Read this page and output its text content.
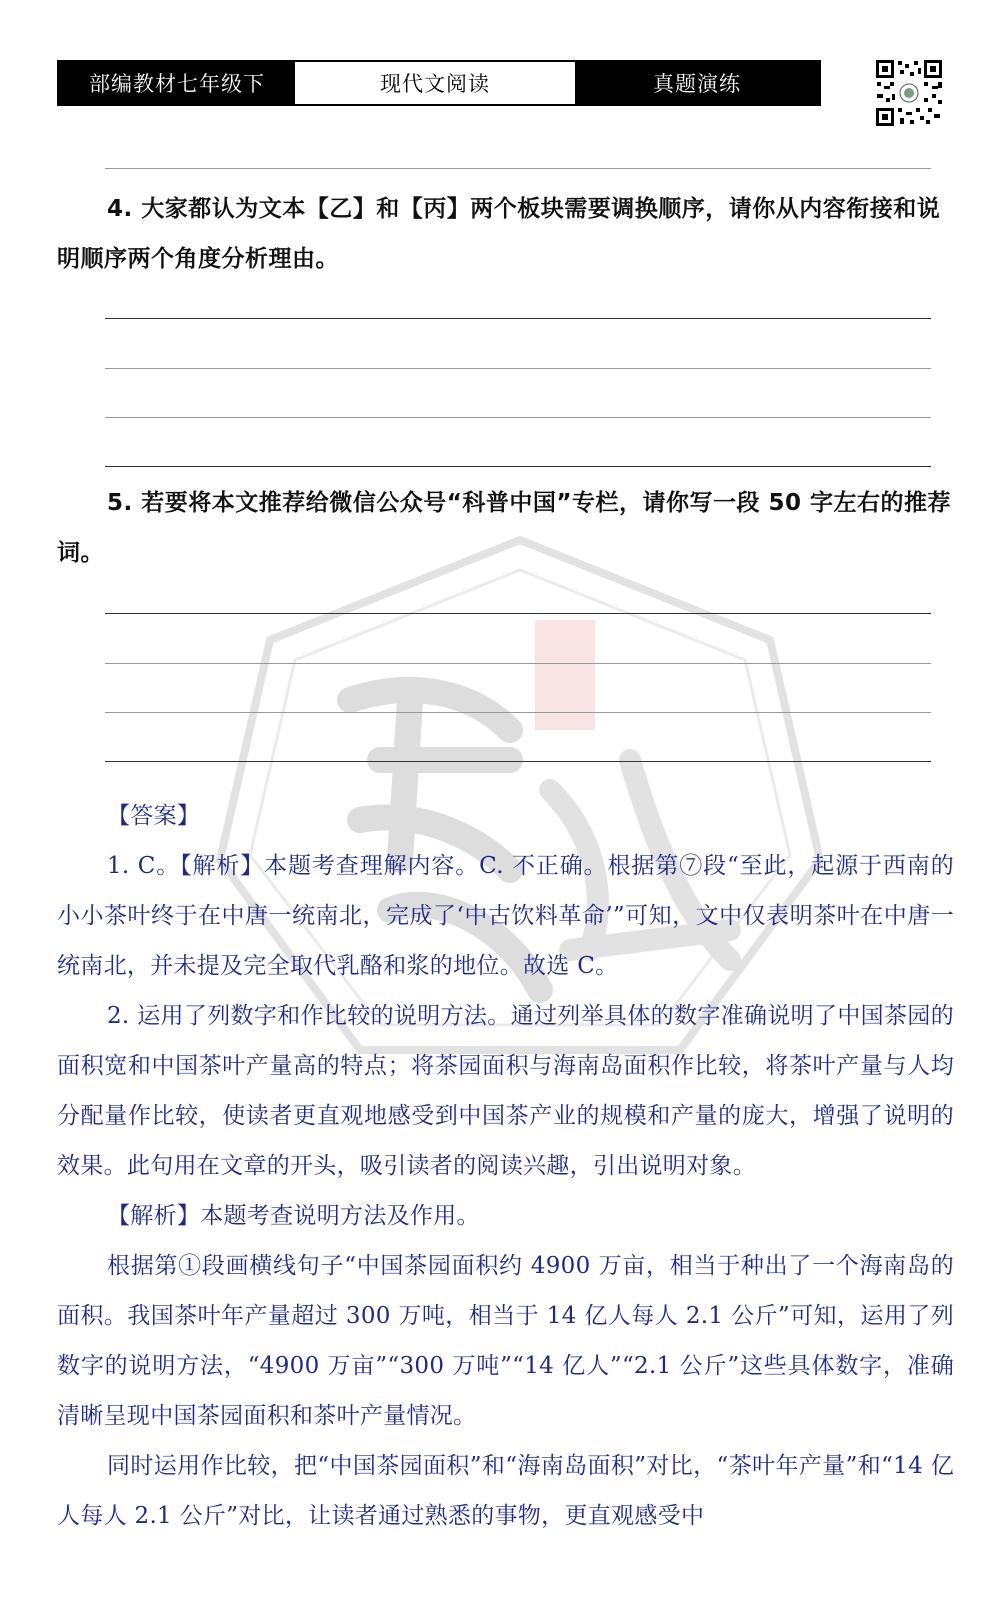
部编教材七年级下	现代文阅读	真题演练

4. 大家都认为文本【乙】和【丙】两个板块需要调换顺序，请你从内容衔接和说明顺序两个角度分析理由。

5. 若要将本文推荐给微信公众号“科普中国”专栏，请你写一段 50 字左右的推荐词。

【答案】

1. C。【解析】本题考查理解内容。C. 不正确。根据第⑦段“至此，起源于西南的小小茶叶终于在中唐一统南北，完成了‘中古饮料革命’”可知，文中仅表明茶叶在中唐一统南北，并未提及完全取代乳酪和浆的地位。故选 C。

2. 运用了列数字和作比较的说明方法。通过列举具体的数字准确说明了中国茶园的面积宽和中国茶叶产量高的特点；将茶园面积与海南岛面积作比较，将茶叶产量与人均分配量作比较，使读者更直观地感受到中国茶产业的规模和产量的庞大，增强了说明的效果。此句用在文章的开头，吸引读者的阅读兴趣，引出说明对象。

【解析】本题考查说明方法及作用。

根据第①段画横线句子“中国茶园面积约 4900 万亩，相当于种出了一个海南岛的面积。我国茶叶年产量超过 300 万吨，相当于 14 亿人每人 2.1 公斤”可知，运用了列数字的说明方法，“4900 万亩”“300 万吨”“14 亿人”“2.1 公斤”这些具体数字，准确清晰呈现中国茶园面积和茶叶产量情况。

同时运用作比较，把“中国茶园面积”和“海南岛面积”对比，“茶叶年产量”和“14 亿人每人 2.1 公斤”对比，让读者通过熟悉的事物，更直观感受中
